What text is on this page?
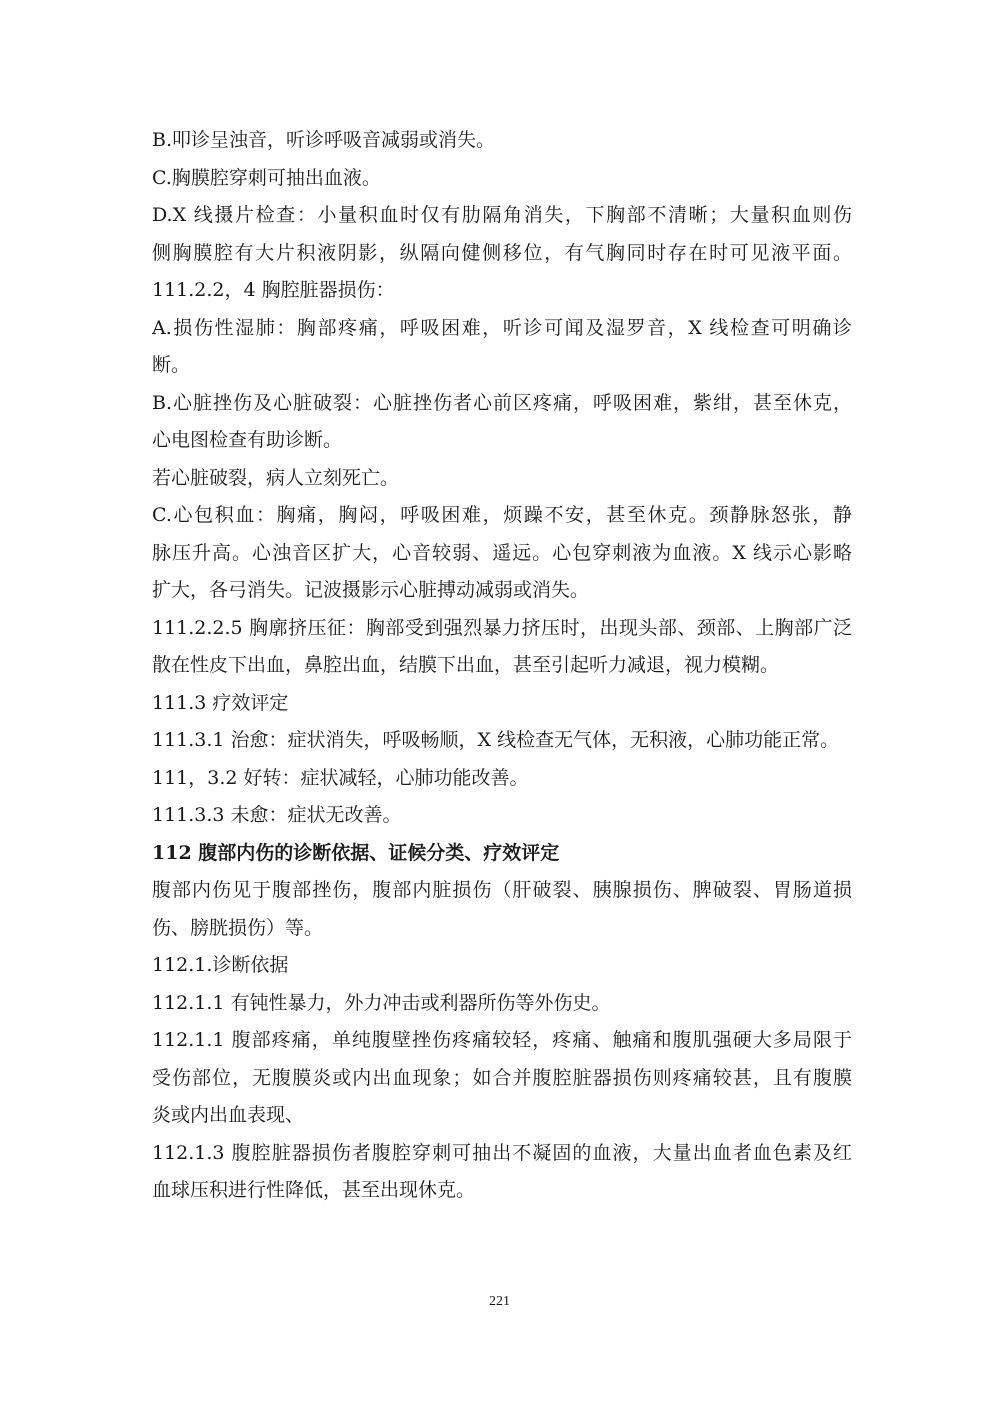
B.叩诊呈浊音，听诊呼吸音减弱或消失。
C.胸膜腔穿刺可抽出血液。
D.X 线摄片检查：小量积血时仅有肋隔角消失，下胸部不清晰；大量积血则伤
侧胸膜腔有大片积液阴影，纵隔向健侧移位，有气胸同时存在时可见液平面。
111.2.2，4 胸腔脏器损伤：
A.损伤性湿肺：胸部疼痛，呼吸困难，听诊可闻及湿罗音，X 线检查可明确诊
断。
B.心脏挫伤及心脏破裂：心脏挫伤者心前区疼痛，呼吸困难，紫绀，甚至休克，
心电图检查有助诊断。
若心脏破裂，病人立刻死亡。
C.心包积血：胸痛，胸闷，呼吸困难，烦躁不安，甚至休克。颈静脉怒张，静
脉压升高。心浊音区扩大，心音较弱、遥远。心包穿刺液为血液。X 线示心影略
扩大，各弓消失。记波摄影示心脏搏动减弱或消失。
111.2.2.5 胸廓挤压征：胸部受到强烈暴力挤压时，出现头部、颈部、上胸部广泛
散在性皮下出血，鼻腔出血，结膜下出血，甚至引起听力减退，视力模糊。
111.3 疗效评定
111.3.1 治愈：症状消失，呼吸畅顺，X 线检查无气体，无积液，心肺功能正常。
111，3.2 好转：症状减轻，心肺功能改善。
111.3.3 未愈：症状无改善。
112 腹部内伤的诊断依据、证候分类、疗效评定
腹部内伤见于腹部挫伤，腹部内脏损伤（肝破裂、胰腺损伤、脾破裂、胃肠道损
伤、膀胱损伤）等。
112.1.诊断依据
112.1.1 有钝性暴力，外力冲击或利器所伤等外伤史。
112.1.1 腹部疼痛，单纯腹壁挫伤疼痛较轻，疼痛、触痛和腹肌强硬大多局限于
受伤部位，无腹膜炎或内出血现象；如合并腹腔脏器损伤则疼痛较甚，且有腹膜
炎或内出血表现、
112.1.3 腹腔脏器损伤者腹腔穿刺可抽出不凝固的血液，大量出血者血色素及红
血球压积进行性降低，甚至出现休克。
221
